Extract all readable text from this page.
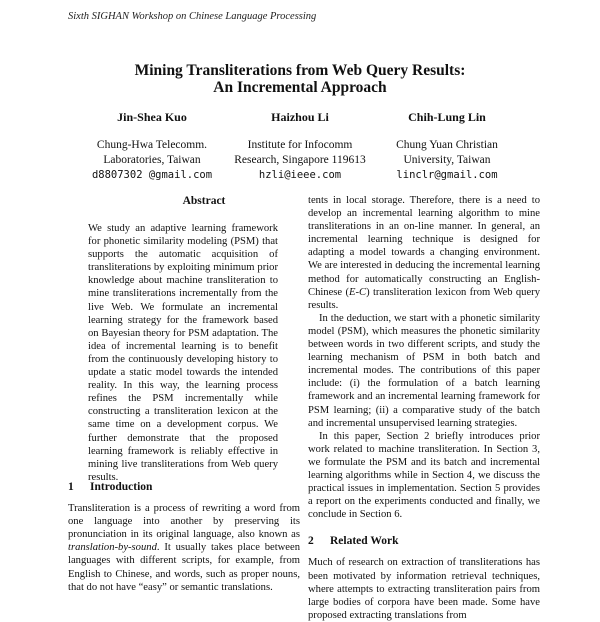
Sixth SIGHAN Workshop on Chinese Language Processing
Mining Transliterations from Web Query Results:
An Incremental Approach
Jin-Shea Kuo
Chung-Hwa Telecomm.
Laboratories, Taiwan
d8807302 @gmail.com
Haizhou Li
Institute for Infocomm
Research, Singapore 119613
hzli@ieee.com
Chih-Lung Lin
Chung Yuan Christian
University, Taiwan
linclr@gmail.com
Abstract

We study an adaptive learning framework for phonetic similarity modeling (PSM) that supports the automatic acquisition of transliterations by exploiting minimum prior knowledge about machine transliteration to mine transliterations incrementally from the live Web. We formulate an incremental learning strategy for the framework based on Bayesian theory for PSM adaptation. The idea of incremental learning is to benefit from the continuously developing history to update a static model towards the intended reality. In this way, the learning process refines the PSM incrementally while constructing a transliteration lexicon at the same time on a development corpus. We further demonstrate that the proposed learning framework is reliably effective in mining live transliterations from Web query results.

1 Introduction

Transliteration is a process of rewriting a word from one language into another by preserving its pronunciation in its original language, also known as translation-by-sound. It usually takes place between languages with different scripts, for example, from English to Chinese, and words, such as proper nouns, that do not have “easy” or semantic translations.

tents in local storage. Therefore, there is a need to develop an incremental learning algorithm to mine transliterations in an on-line manner. In general, an incremental learning technique is designed for adapting a model towards a changing environment. We are interested in deducing the incremental learning method for automatically constructing an English-Chinese (E-C) transliteration lexicon from Web query results.

In the deduction, we start with a phonetic similarity model (PSM), which measures the phonetic similarity between words in two different scripts, and study the learning mechanism of PSM in both batch and incremental modes. The contributions of this paper include: (i) the formulation of a batch learning framework and an incremental learning framework for PSM learning; (ii) a comparative study of the batch and incremental unsupervised learning strategies.

In this paper, Section 2 briefly introduces prior work related to machine transliteration. In Section 3, we formulate the PSM and its batch and incremental learning algorithms while in Section 4, we discuss the practical issues in implementation. Section 5 provides a report on the experiments conducted and finally, we conclude in Section 6.

2 Related Work

Much of research on extraction of transliterations has been motivated by information retrieval techniques, where attempts to extracting transliteration pairs from large bodies of corpora have been made. Some have proposed extracting translations from
